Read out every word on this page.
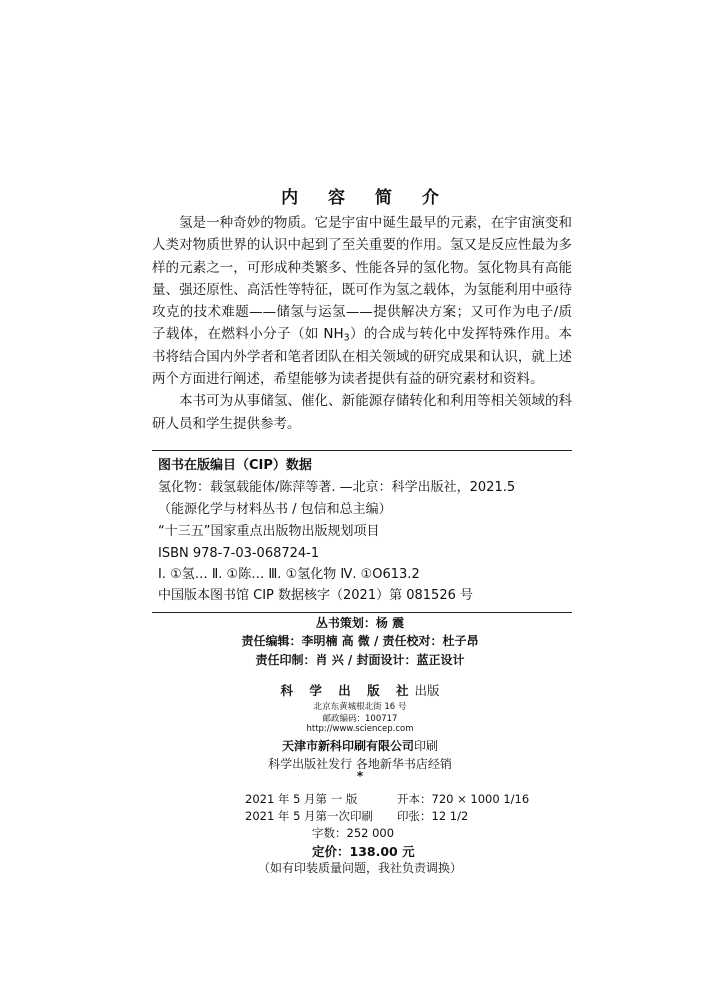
内 容 简 介

氢是一种奇妙的物质。它是宇宙中诞生最早的元素，在宇宙演变和人类对物质世界的认识中起到了至关重要的作用。氢又是反应性最为多样的元素之一，可形成种类繁多、性能各异的氢化物。氢化物具有高能量、强还原性、高活性等特征，既可作为氢之载体，为氢能利用中亟待攻克的技术难题——储氢与运氢——提供解决方案；又可作为电子/质子载体，在燃料小分子（如 $NH_3$）的合成与转化中发挥特殊作用。本书将结合国内外学者和笔者团队在相关领域的研究成果和认识，就上述两个方面进行阐述，希望能够为读者提供有益的研究素材和资料。

本书可为从事储氢、催化、新能源存储转化和利用等相关领域的科研人员和学生提供参考。

图书在版编目（CIP）数据
氢化物：载氢载能体/陈萍等著. —北京：科学出版社，2021.5
（能源化学与材料丛书 / 包信和总主编）
“十三五”国家重点出版物出版规划项目
ISBN 978-7-03-068724-1
Ⅰ. ①氢… Ⅱ. ①陈… Ⅲ. ①氢化物 Ⅳ. ①O613.2
中国版本图书馆 CIP 数据核字（2021）第 081526 号
丛书策划：杨 震
责任编辑：李明楠 高 微 / 责任校对：杜子昂
责任印制：肖 兴 / 封面设计：蓝正设计
科 学 出 版 社出版
北京东黄城根北街 16 号
邮政编码：100717
http://www.sciencep.com
天津市新科印刷有限公司印刷
科学出版社发行 各地新华书店经销
*
2021 年 5 月第 一 版	开本：720 × 1000 1/16
2021 年 5 月第一次印刷 印张：12 1/2
字数：252 000
定价：138.00 元
（如有印装质量问题，我社负责调换）
